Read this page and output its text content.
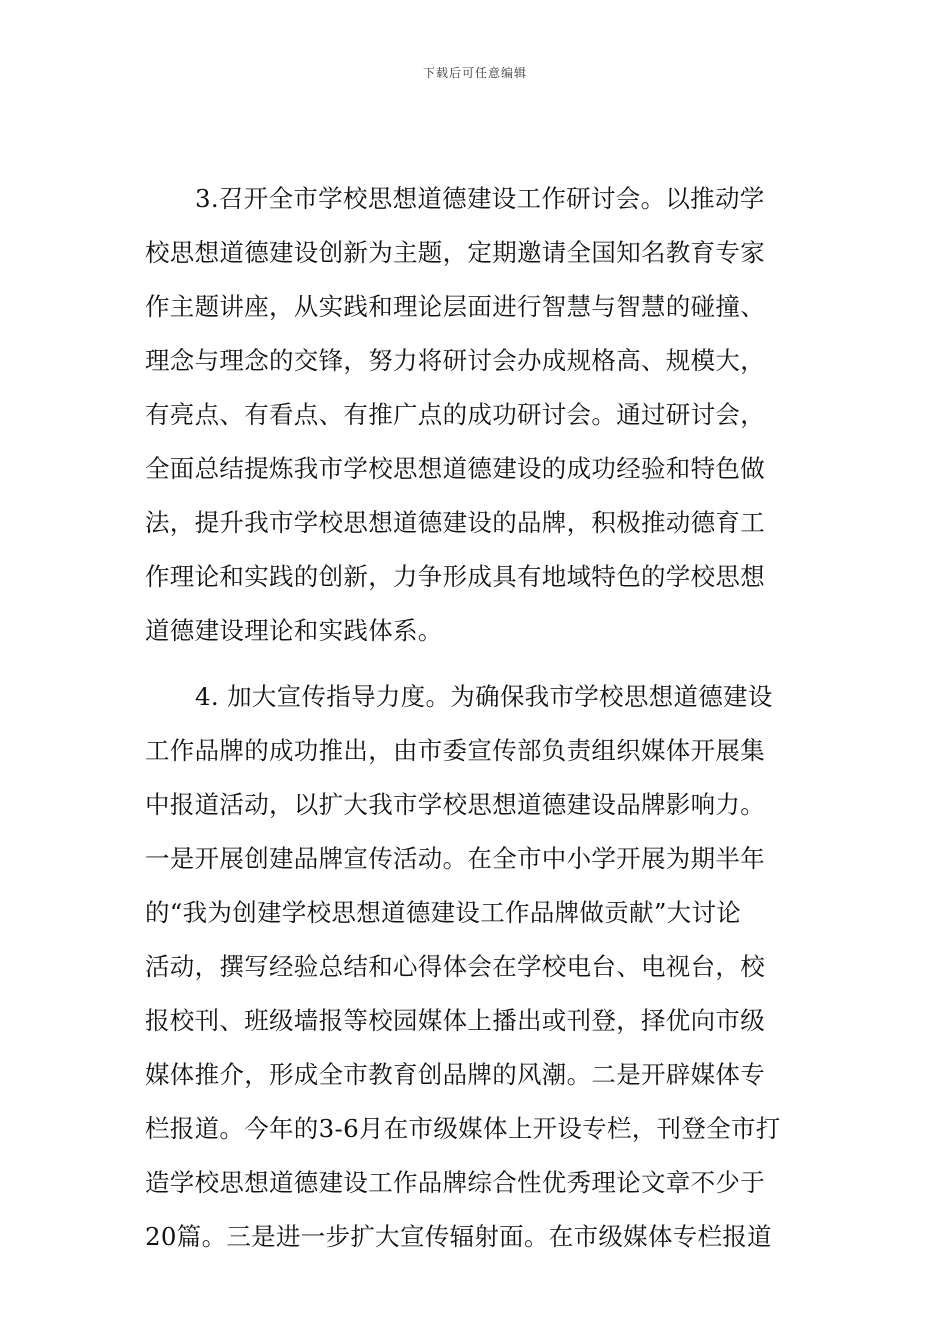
下载后可任意编辑
3.召开全市学校思想道德建设工作研讨会。以推动学
校思想道德建设创新为主题，定期邀请全国知名教育专家
作主题讲座，从实践和理论层面进行智慧与智慧的碰撞、
理念与理念的交锋，努力将研讨会办成规格高、规模大，
有亮点、有看点、有推广点的成功研讨会。通过研讨会，
全面总结提炼我市学校思想道德建设的成功经验和特色做
法，提升我市学校思想道德建设的品牌，积极推动德育工
作理论和实践的创新，力争形成具有地域特色的学校思想
道德建设理论和实践体系。
4. 加大宣传指导力度。为确保我市学校思想道德建设
工作品牌的成功推出，由市委宣传部负责组织媒体开展集
中报道活动，以扩大我市学校思想道德建设品牌影响力。
一是开展创建品牌宣传活动。在全市中小学开展为期半年
的“我为创建学校思想道德建设工作品牌做贡献”大讨论
活动，撰写经验总结和心得体会在学校电台、电视台，校
报校刊、班级墙报等校园媒体上播出或刊登，择优向市级
媒体推介，形成全市教育创品牌的风潮。二是开辟媒体专
栏报道。今年的3-6月在市级媒体上开设专栏，刊登全市打
造学校思想道德建设工作品牌综合性优秀理论文章不少于
20篇。三是进一步扩大宣传辐射面。在市级媒体专栏报道
